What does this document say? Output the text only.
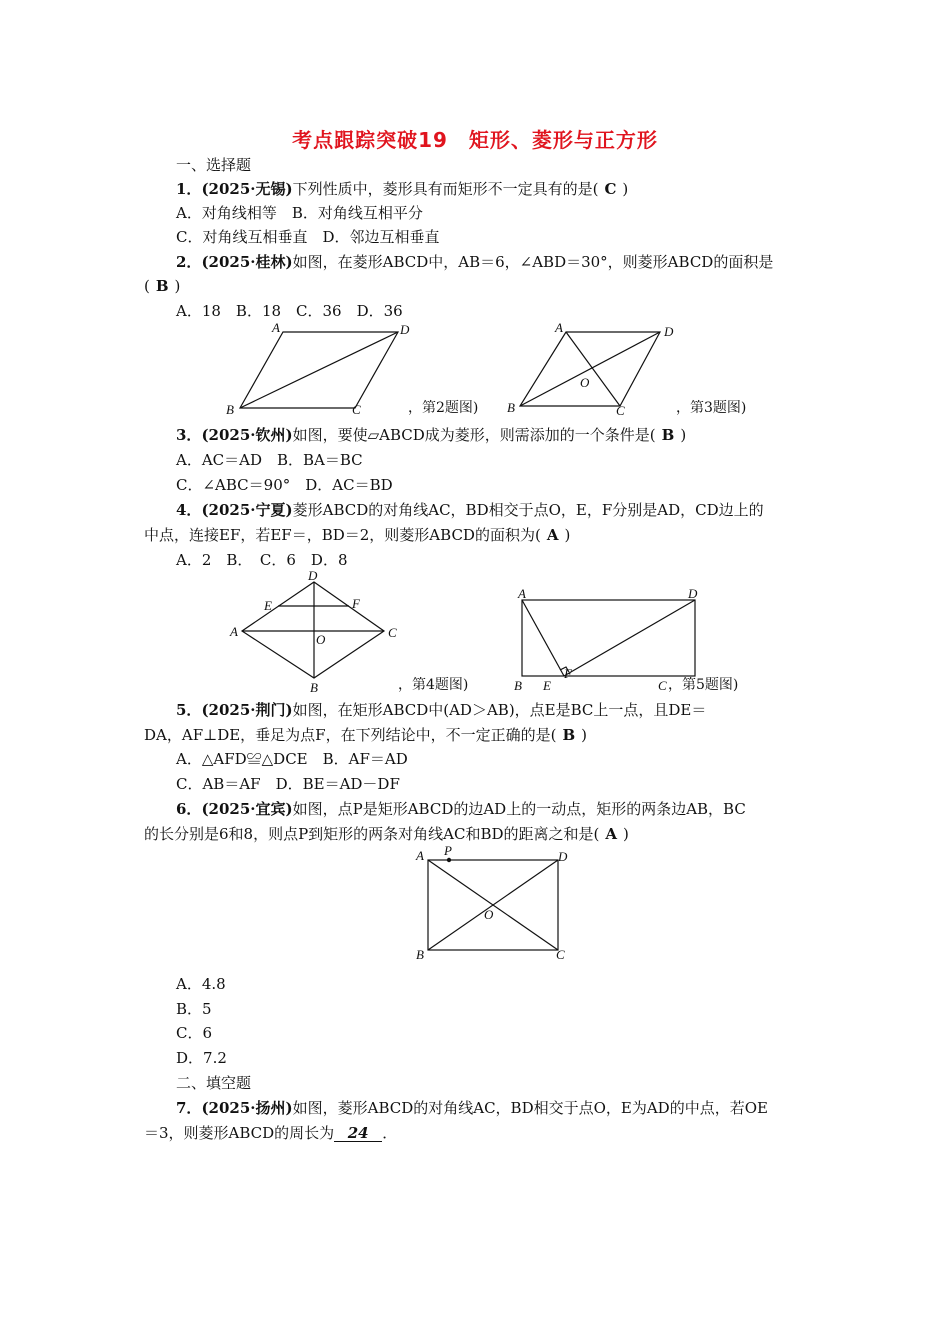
考点跟踪突破19　矩形、菱形与正方形
一、选择题
1．(2025·无锡)下列性质中，菱形具有而矩形不一定具有的是( C )
A．对角线相等　B．对角线互相平分
C．对角线互相垂直　D．邻边互相垂直
2．(2025·桂林)如图，在菱形ABCD中，AB＝6，∠ABD＝30°，则菱形ABCD的面积是
( B )
A．18　B．18　C．36　D．36
A	D
B	C	，第2题图)
A	D
B	C
O
，第3题图)
3．(2025·钦州)如图，要使▱ABCD成为菱形，则需添加的一个条件是( B )
A．AC＝AD　B．BA＝BC
C．∠ABC＝90°　D．AC＝BD
4．(2025·宁夏)菱形ABCD的对角线AC，BD相交于点O，E，F分别是AD，CD边上的
中点，连接EF，若EF＝，BD＝2，则菱形ABCD的面积为( A )
A．2　B．　C．6　D．8
D
E	F
A	C
O
B	，第4题图)
A	D
B E
F
C ，第5题图)
5．(2025·荆门)如图，在矩形ABCD中(AD＞AB)，点E是BC上一点，且DE＝
DA，AF⊥DE，垂足为点F，在下列结论中，不一定正确的是( B )
A．△AFD≌△DCE　B．AF＝AD
C．AB＝AF　D．BE＝AD－DF
6．(2025·宜宾)如图，点P是矩形ABCD的边AD上的一动点，矩形的两条边AB，BC
的长分别是6和8，则点P到矩形的两条对角线AC和BD的距离之和是( A )
A P	D
O
B	C
A．4.8
B．5
C．6
D．7.2
二、填空题
7．(2025·扬州)如图，菱形ABCD的对角线AC，BD相交于点O，E为AD的中点，若OE
＝3，则菱形ABCD的周长为 24 ．
